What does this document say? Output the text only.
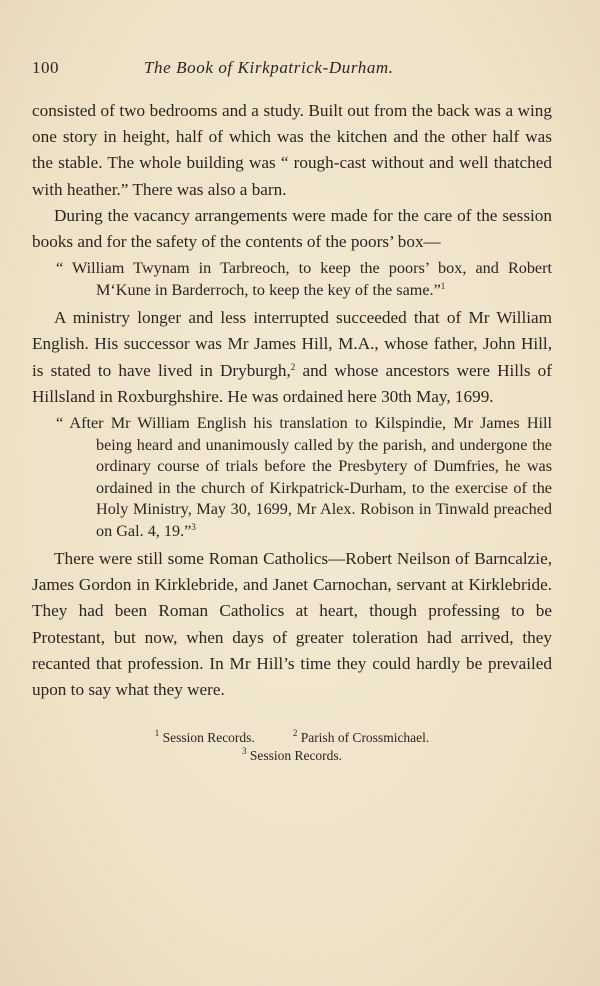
100	The Book of Kirkpatrick-Durham.

consisted of two bedrooms and a study. Built out from the back was a wing one story in height, half of which was the kitchen and the other half was the stable. The whole building was “ rough-cast without and well thatched with heather.” There was also a barn.

During the vacancy arrangements were made for the care of the session books and for the safety of the contents of the poors’ box—

“ William Twynam in Tarbreoch, to keep the poors’ box, and Robert M‘Kune in Barderroch, to keep the key of the same.”$^1$

A ministry longer and less interrupted succeeded that of Mr William English. His successor was Mr James Hill, M.A., whose father, John Hill, is stated to have lived in Dryburgh,$^2$ and whose ancestors were Hills of Hillsland in Roxburghshire. He was ordained here 30th May, 1699.

“ After Mr William English his translation to Kilspindie, Mr James Hill being heard and unanimously called by the parish, and undergone the ordinary course of trials before the Presbytery of Dumfries, he was ordained in the church of Kirkpatrick-Durham, to the exercise of the Holy Ministry, May 30, 1699, Mr Alex. Robison in Tinwald preached on Gal. 4, 19.”$^3$

There were still some Roman Catholics—Robert Neilson of Barncalzie, James Gordon in Kirklebride, and Janet Carnochan, servant at Kirklebride. They had been Roman Catholics at heart, though professing to be Protestant, but now, when days of greater toleration had arrived, they recanted that profession. In Mr Hill’s time they could hardly be prevailed upon to say what they were.

$^1$ Session Records.	$^2$ Parish of Crossmichael.
$^3$ Session Records.
